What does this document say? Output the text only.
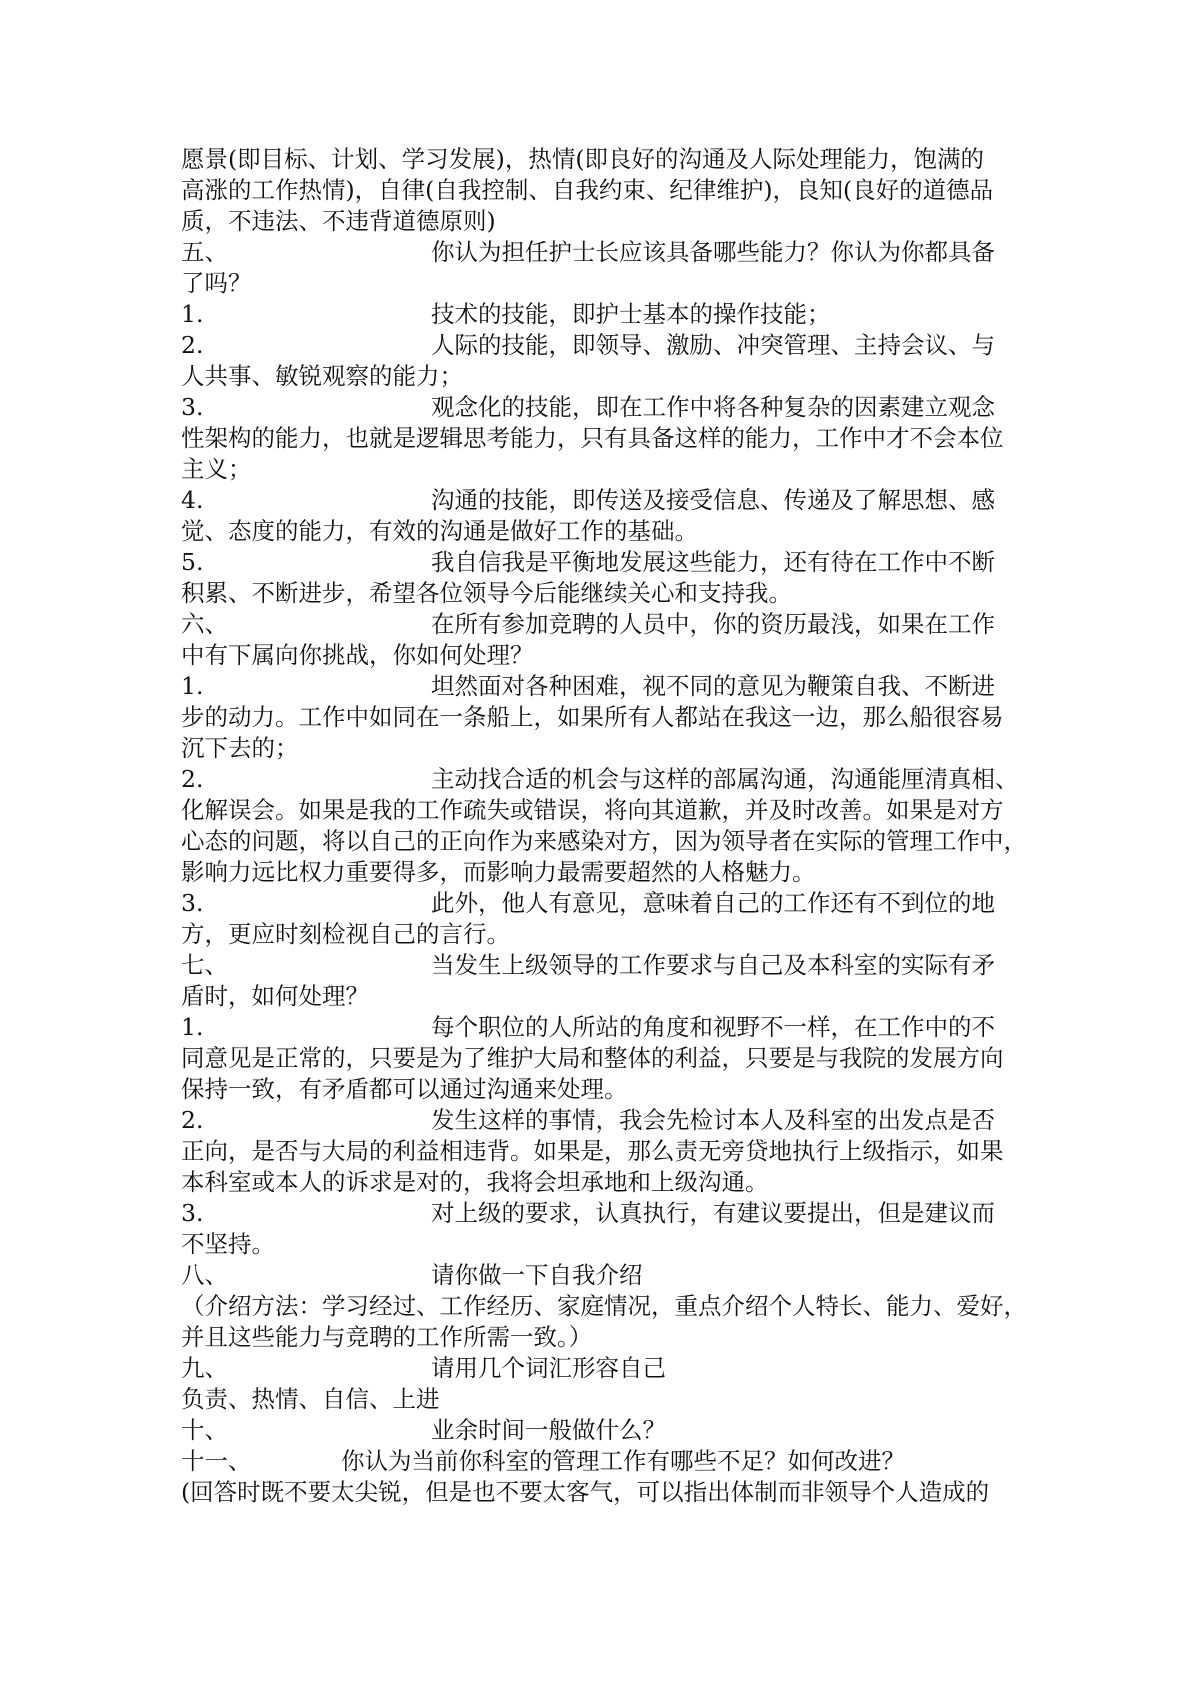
愿景(即目标、计划、学习发展)，热情(即良好的沟通及人际处理能力，饱满的
高涨的工作热情)，自律(自我控制、自我约束、纪律维护)，良知(良好的道德品
质，不违法、不违背道德原则)
五、	你认为担任护士长应该具备哪些能力？你认为你都具备
了吗？
1.	技术的技能，即护士基本的操作技能；
2.	人际的技能，即领导、激励、冲突管理、主持会议、与
人共事、敏锐观察的能力；
3.	观念化的技能，即在工作中将各种复杂的因素建立观念
性架构的能力，也就是逻辑思考能力，只有具备这样的能力，工作中才不会本位
主义；
4.	沟通的技能，即传送及接受信息、传递及了解思想、感
觉、态度的能力，有效的沟通是做好工作的基础。
5.	我自信我是平衡地发展这些能力，还有待在工作中不断
积累、不断进步，希望各位领导今后能继续关心和支持我。
六、	在所有参加竞聘的人员中，你的资历最浅，如果在工作
中有下属向你挑战，你如何处理？
1.	坦然面对各种困难，视不同的意见为鞭策自我、不断进
步的动力。工作中如同在一条船上，如果所有人都站在我这一边，那么船很容易
沉下去的；
2.	主动找合适的机会与这样的部属沟通，沟通能厘清真相、
化解误会。如果是我的工作疏失或错误，将向其道歉，并及时改善。如果是对方
心态的问题，将以自己的正向作为来感染对方，因为领导者在实际的管理工作中，
影响力远比权力重要得多，而影响力最需要超然的人格魅力。
3.	此外，他人有意见，意味着自己的工作还有不到位的地
方，更应时刻检视自己的言行。
七、	当发生上级领导的工作要求与自己及本科室的实际有矛
盾时，如何处理？
1.	每个职位的人所站的角度和视野不一样，在工作中的不
同意见是正常的，只要是为了维护大局和整体的利益，只要是与我院的发展方向
保持一致，有矛盾都可以通过沟通来处理。
2.	发生这样的事情，我会先检讨本人及科室的出发点是否
正向，是否与大局的利益相违背。如果是，那么责无旁贷地执行上级指示，如果
本科室或本人的诉求是对的，我将会坦承地和上级沟通。
3.	对上级的要求，认真执行，有建议要提出，但是建议而
不坚持。
八、	请你做一下自我介绍
（介绍方法：学习经过、工作经历、家庭情况，重点介绍个人特长、能力、爱好，
并且这些能力与竞聘的工作所需一致。）
九、	请用几个词汇形容自己
负责、热情、自信、上进
十、	业余时间一般做什么？
十一、	你认为当前你科室的管理工作有哪些不足？如何改进？
(回答时既不要太尖锐，但是也不要太客气，可以指出体制而非领导个人造成的
